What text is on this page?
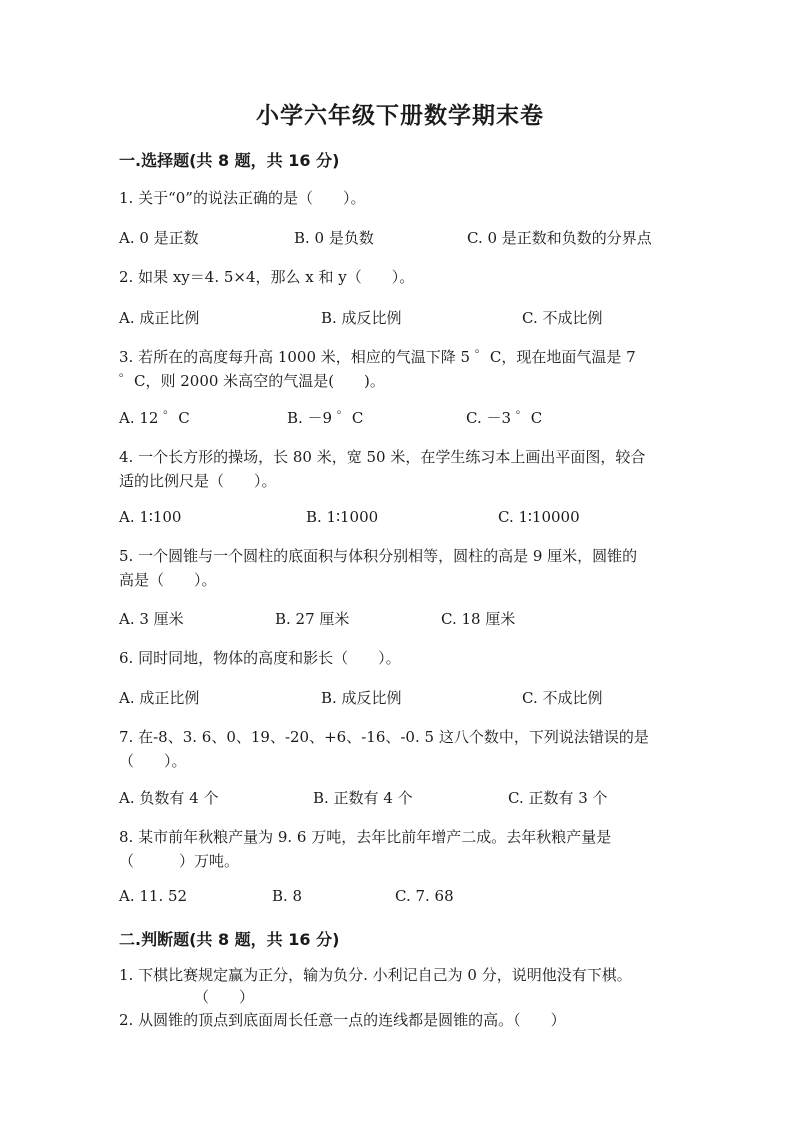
小学六年级下册数学期末卷
一.选择题(共 8 题，共 16 分)
1. 关于“0”的说法正确的是（　　）。
A. 0 是正数	B. 0 是负数	C. 0 是正数和负数的分界点
2. 如果 xy＝4. 5×4，那么 x 和 y（　　）。
A. 成正比例	B. 成反比例	C. 不成比例
3. 若所在的高度每升高 1000 米，相应的气温下降 5 ゜C，现在地面气温是 7
゜C，则 2000 米高空的气温是(　　)。
A. 12 ゜C	B. －9 ゜C	C. －3 ゜C
4. 一个长方形的操场，长 80 米，宽 50 米，在学生练习本上画出平面图，较合
适的比例尺是（　　）。
A. 1∶100	B. 1∶1000	C. 1∶10000
5. 一个圆锥与一个圆柱的底面积与体积分别相等，圆柱的高是 9 厘米，圆锥的
高是（　　）。
A. 3 厘米	B. 27 厘米	C. 18 厘米
6. 同时同地，物体的高度和影长（　　）。
A. 成正比例	B. 成反比例	C. 不成比例
7. 在-8、3. 6、0、19、-20、+6、-16、-0. 5 这八个数中，下列说法错误的是
（　　）。
A. 负数有 4 个	B. 正数有 4 个	C. 正数有 3 个
8. 某市前年秋粮产量为 9. 6 万吨，去年比前年增产二成。去年秋粮产量是
（　　　）万吨。
A. 11. 52	B. 8	C. 7. 68
二.判断题(共 8 题，共 16 分)
1. 下棋比赛规定赢为正分，输为负分. 小利记自己为 0 分，说明他没有下棋。
（　　）
2. 从圆锥的顶点到底面周长任意一点的连线都是圆锥的高。（　　）
